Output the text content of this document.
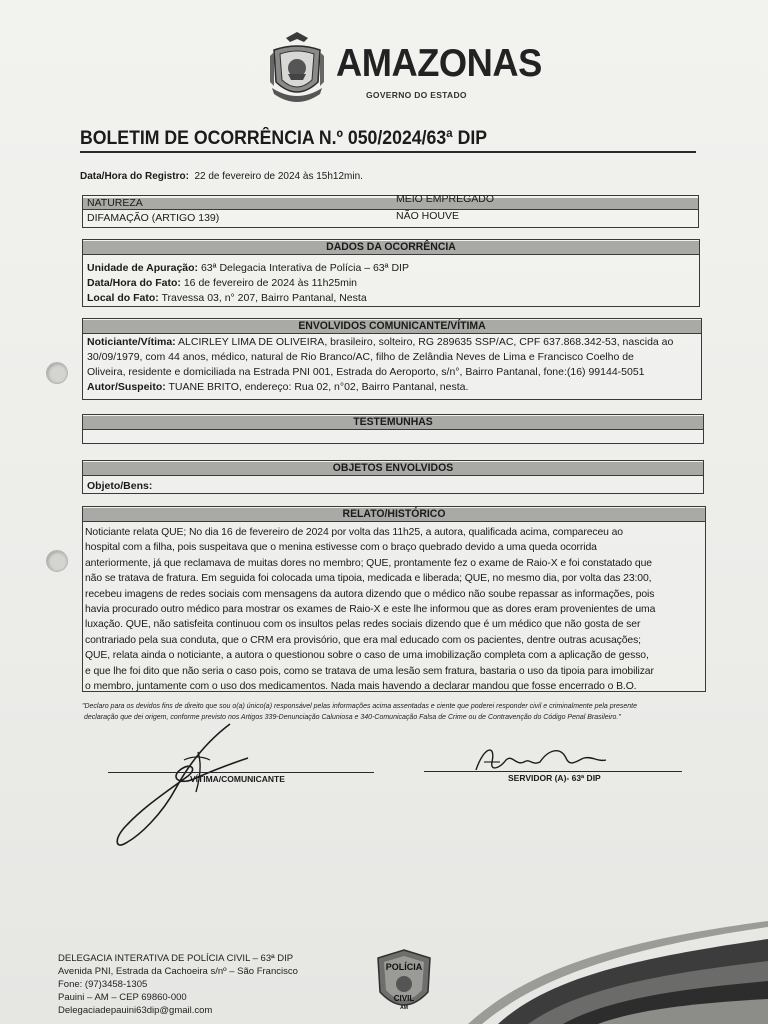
AMAZONAS
GOVERNO DO ESTADO
BOLETIM DE OCORRÊNCIA N.º 050/2024/63ª DIP
Data/Hora do Registro: 22 de fevereiro de 2024 às 15h12min.
NATUREZA	MEIO EMPREGADO
DIFAMAÇÃO (ARTIGO 139)	NÃO HOUVE
DADOS DA OCORRÊNCIA
Unidade de Apuração: 63ª Delegacia Interativa de Polícia – 63ª DIP
Data/Hora do Fato: 16 de fevereiro de 2024 às 11h25min
Local do Fato: Travessa 03, n° 207, Bairro Pantanal, Nesta
ENVOLVIDOS COMUNICANTE/VÍTIMA
Noticiante/Vítima: ALCIRLEY LIMA DE OLIVEIRA, brasileiro, solteiro, RG 289635 SSP/AC, CPF 637.868.342-53, nascida ao
30/09/1979, com 44 anos, médico, natural de Rio Branco/AC, filho de Zelândia Neves de Lima e Francisco Coelho de
Oliveira, residente e domiciliada na Estrada PNI 001, Estrada do Aeroporto, s/n°, Bairro Pantanal, fone:(16) 99144-5051
Autor/Suspeito: TUANE BRITO, endereço: Rua 02, n°02, Bairro Pantanal, nesta.
TESTEMUNHAS
OBJETOS ENVOLVIDOS
Objeto/Bens:
RELATO/HISTÓRICO
Noticiante relata QUE; No dia 16 de fevereiro de 2024 por volta das 11h25, a autora, qualificada acima, compareceu ao
hospital com a filha, pois suspeitava que o menina estivesse com o braço quebrado devido a uma queda ocorrida
anteriormente, já que reclamava de muitas dores no membro; QUE, prontamente fez o exame de Raio-X e foi constatado que
não se tratava de fratura. Em seguida foi colocada uma tipoia, medicada e liberada; QUE, no mesmo dia, por volta das 23:00,
recebeu imagens de redes sociais com mensagens da autora dizendo que o médico não soube repassar as informações, pois
havia procurado outro médico para mostrar os exames de Raio-X e este lhe informou que as dores eram provenientes de uma
luxação. QUE, não satisfeita continuou com os insultos pelas redes sociais dizendo que é um médico que não gosta de ser
contrariado pela sua conduta, que o CRM era provisório, que era mal educado com os pacientes, dentre outras acusações;
QUE, relata ainda o noticiante, a autora o questionou sobre o caso de uma imobilização completa com a aplicação de gesso,
e que lhe foi dito que não seria o caso pois, como se tratava de uma lesão sem fratura, bastaria o uso da tipoia para imobilizar
o membro, juntamente com o uso dos medicamentos. Nada mais havendo a declarar mandou que fosse encerrado o B.O.
"Declaro para os devidos fins de direito que sou o(a) único(a) responsável pelas informações acima assentadas e ciente que poderei responder civil e criminalmente pela presente
declaração que dei origem, conforme previsto nos Artigos 339-Denunciação Caluniosa e 340-Comunicação Falsa de Crime ou de Contravenção do Código Penal Brasileiro."
VÍTIMA/COMUNICANTE	SERVIDOR (A)- 63ª DIP
DELEGACIA INTERATIVA DE POLÍCIA CIVIL – 63ª DIP
Avenida PNI, Estrada da Cachoeira s/nº – São Francisco
Fone: (97)3458-1305
Pauini – AM – CEP 69860-000
Delegaciadepauini63dip@gmail.com
POLÍCIA
CIVIL
AM
